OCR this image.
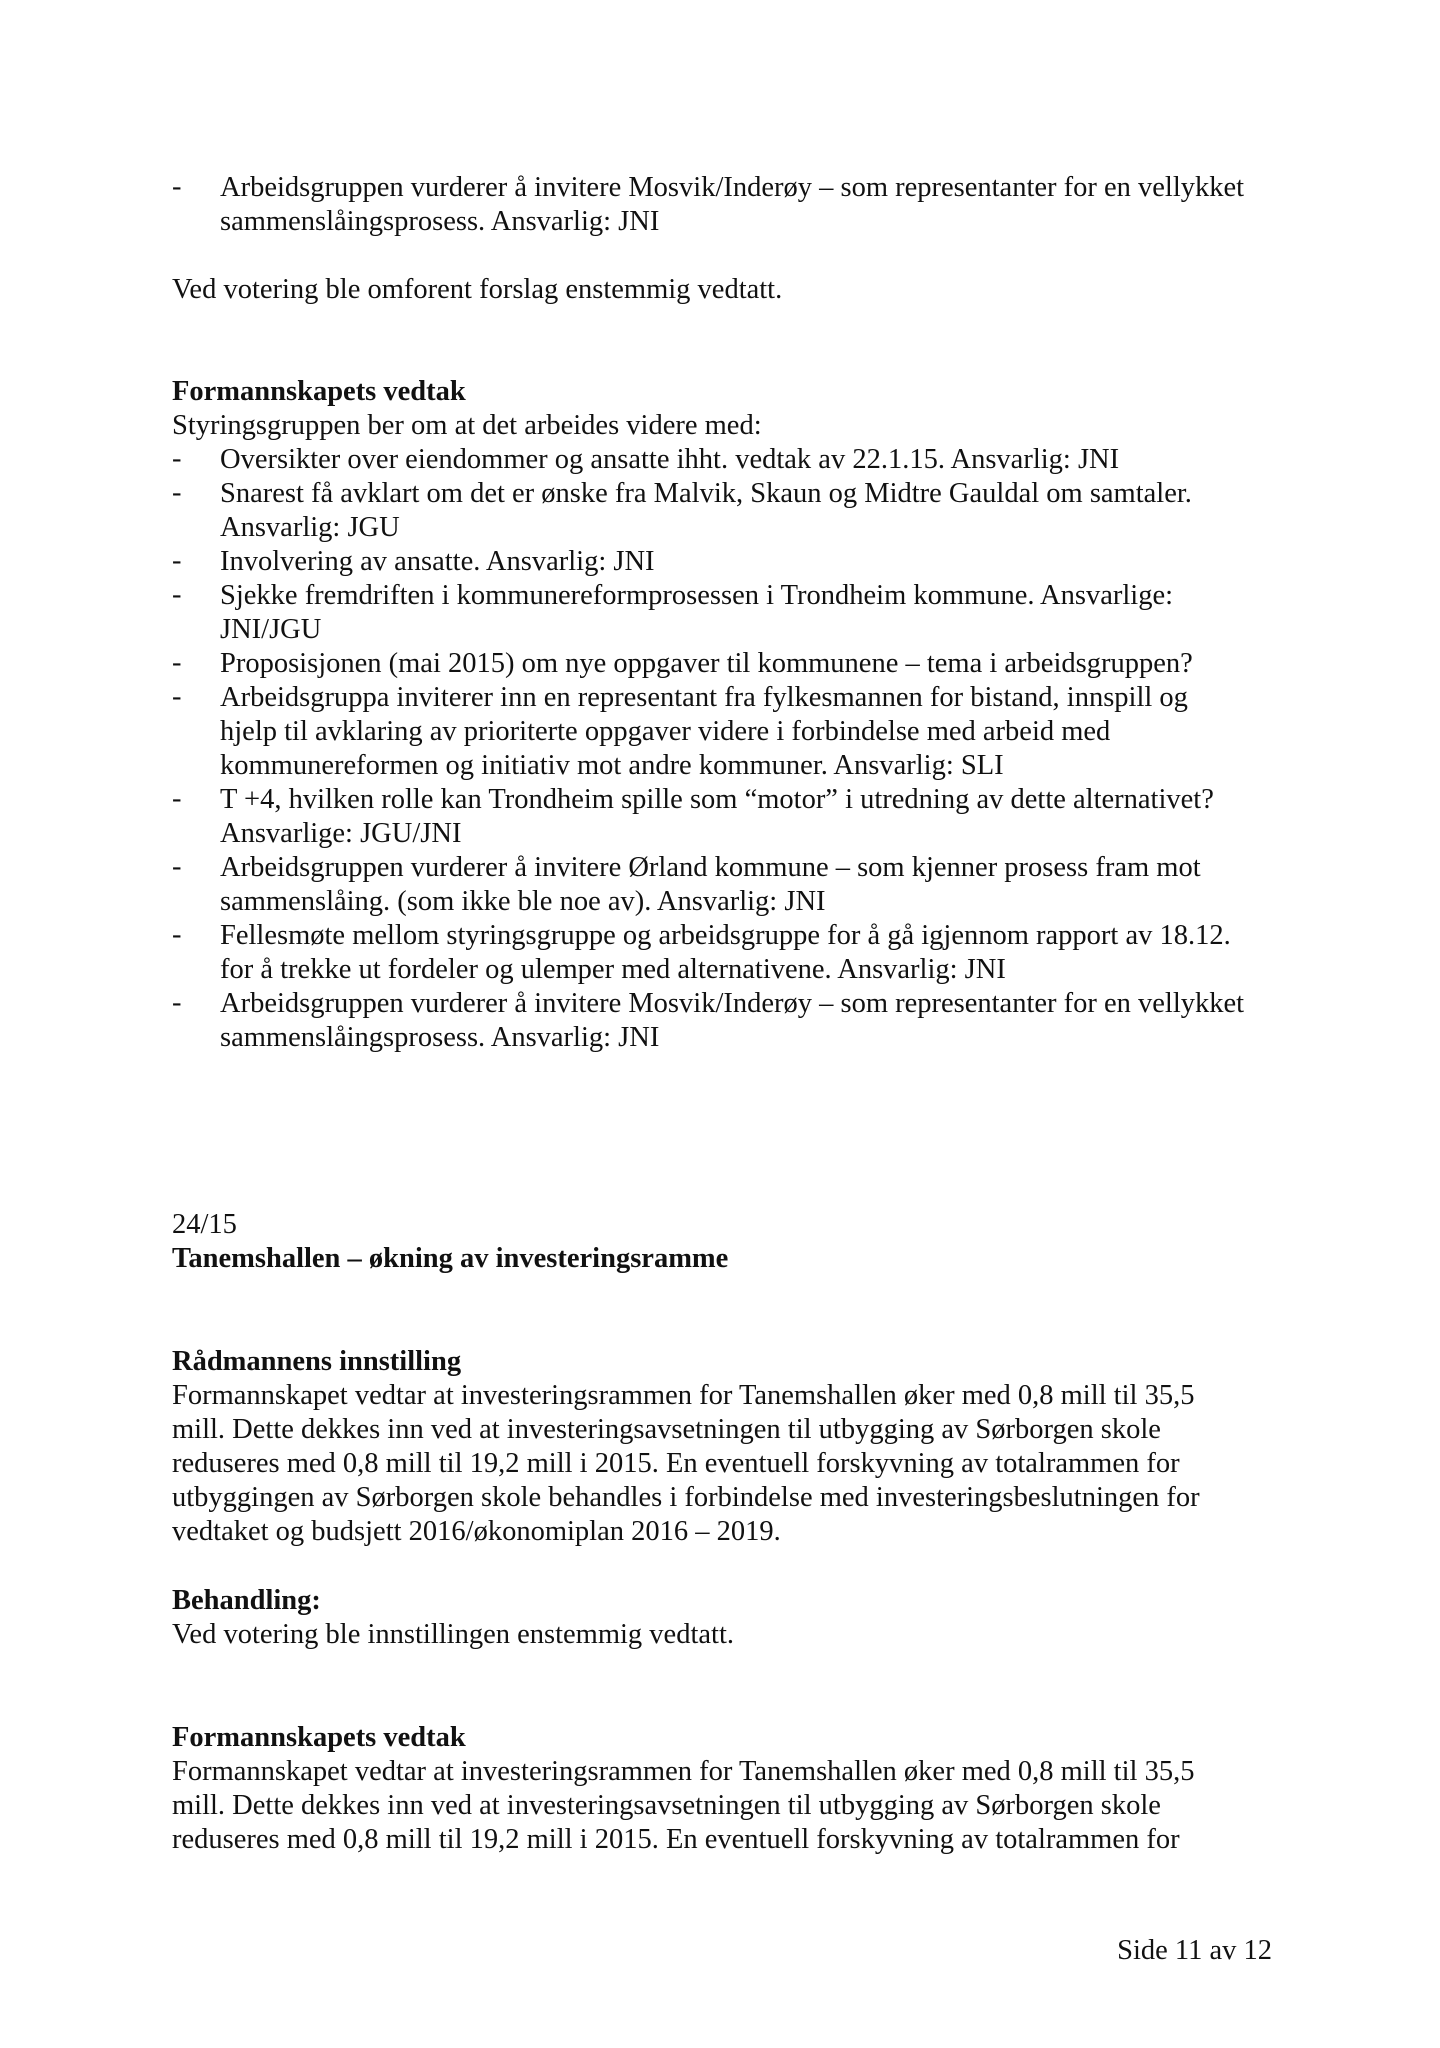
- Arbeidsgruppen vurderer å invitere Mosvik/Inderøy – som representanter for en vellykket
sammenslåingsprosess. Ansvarlig: JNI
Ved votering ble omforent forslag enstemmig vedtatt.
Formannskapets vedtak
Styringsgruppen ber om at det arbeides videre med:
- Oversikter over eiendommer og ansatte ihht. vedtak av 22.1.15. Ansvarlig: JNI
- Snarest få avklart om det er ønske fra Malvik, Skaun og Midtre Gauldal om samtaler.
Ansvarlig: JGU
- Involvering av ansatte. Ansvarlig: JNI
- Sjekke fremdriften i kommunereformprosessen i Trondheim kommune. Ansvarlige:
JNI/JGU
- Proposisjonen (mai 2015) om nye oppgaver til kommunene – tema i arbeidsgruppen?
- Arbeidsgruppa inviterer inn en representant fra fylkesmannen for bistand, innspill og
hjelp til avklaring av prioriterte oppgaver videre i forbindelse med arbeid med
kommunereformen og initiativ mot andre kommuner. Ansvarlig: SLI
- T +4, hvilken rolle kan Trondheim spille som “motor” i utredning av dette alternativet?
Ansvarlige: JGU/JNI
- Arbeidsgruppen vurderer å invitere Ørland kommune – som kjenner prosess fram mot
sammenslåing. (som ikke ble noe av). Ansvarlig: JNI
- Fellesmøte mellom styringsgruppe og arbeidsgruppe for å gå igjennom rapport av 18.12.
for å trekke ut fordeler og ulemper med alternativene. Ansvarlig: JNI
- Arbeidsgruppen vurderer å invitere Mosvik/Inderøy – som representanter for en vellykket
sammenslåingsprosess. Ansvarlig: JNI
24/15
Tanemshallen – økning av investeringsramme
Rådmannens innstilling
Formannskapet vedtar at investeringsrammen for Tanemshallen øker med 0,8 mill til 35,5
mill. Dette dekkes inn ved at investeringsavsetningen til utbygging av Sørborgen skole
reduseres med 0,8 mill til 19,2 mill i 2015. En eventuell forskyvning av totalrammen for
utbyggingen av Sørborgen skole behandles i forbindelse med investeringsbeslutningen for
vedtaket og budsjett 2016/økonomiplan 2016 – 2019.
Behandling:
Ved votering ble innstillingen enstemmig vedtatt.
Formannskapets vedtak
Formannskapet vedtar at investeringsrammen for Tanemshallen øker med 0,8 mill til 35,5
mill. Dette dekkes inn ved at investeringsavsetningen til utbygging av Sørborgen skole
reduseres med 0,8 mill til 19,2 mill i 2015. En eventuell forskyvning av totalrammen for
Side 11 av 12
